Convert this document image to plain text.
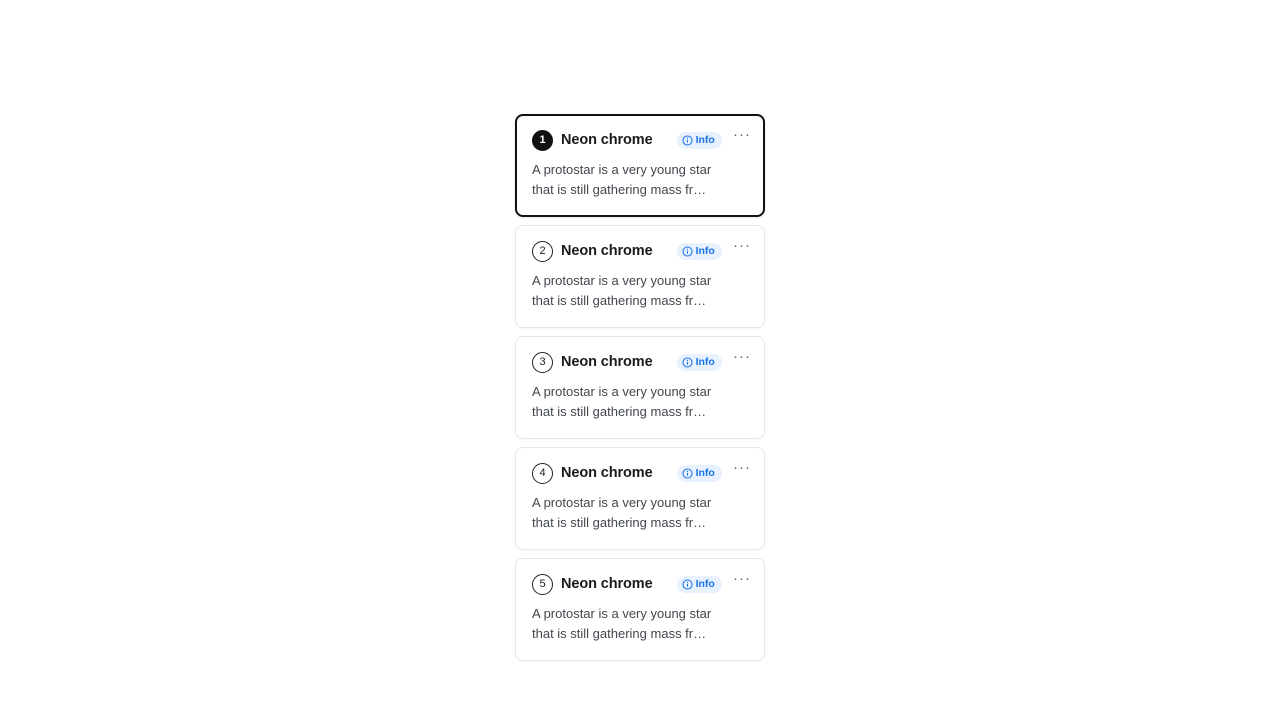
1	Neon chrome	Info ···
A protostar is a very young star that is still gathering mass fr…
2	Neon chrome	Info ···
A protostar is a very young star that is still gathering mass fr…
3	Neon chrome	Info ···
A protostar is a very young star that is still gathering mass fr…
4	Neon chrome	Info ···
A protostar is a very young star that is still gathering mass fr…
5	Neon chrome	Info ···
A protostar is a very young star that is still gathering mass fr…
